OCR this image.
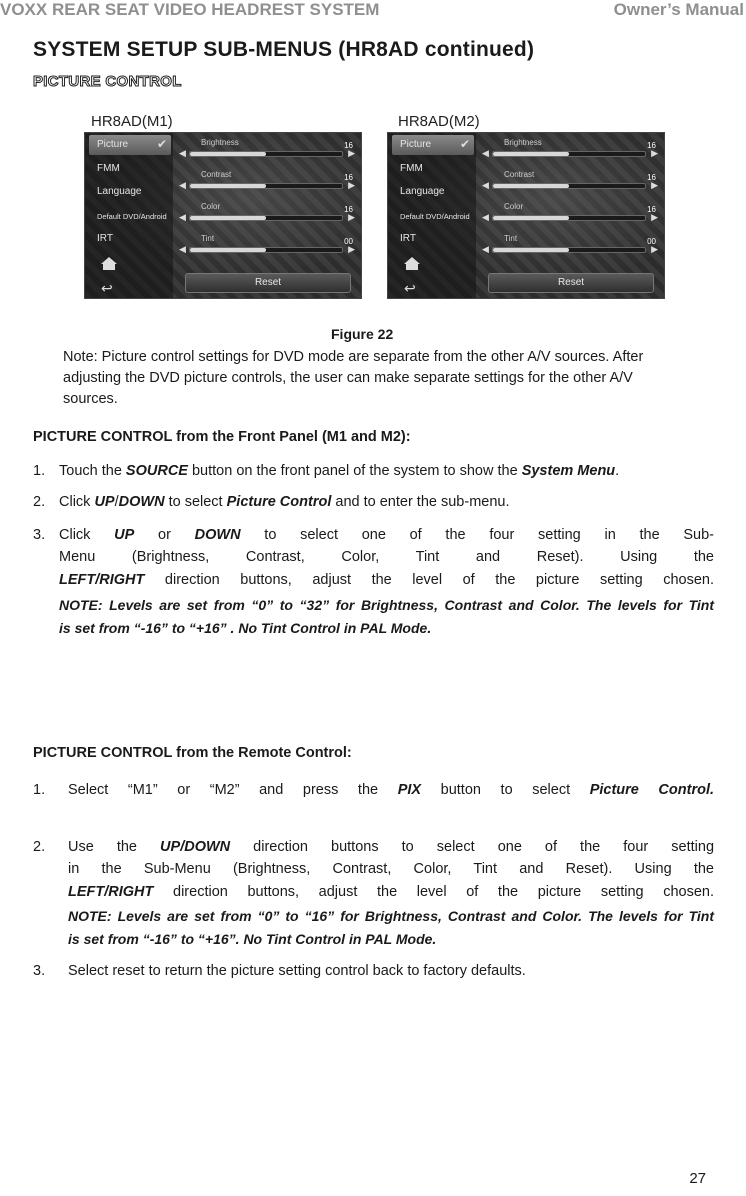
VOXX REAR SEAT VIDEO HEADREST SYSTEM	Owner’s Manual
SYSTEM SETUP SUB-MENUS (HR8AD continued)
PICTURE CONTROL
HR8AD(M1)	HR8AD(M2)
✔
Picture
FMM
Language
Default DVD/Android
IRT
↩
Brightness	16
◀	▶
Contrast	16
◀	▶
Color	16
◀	▶
Tint	00
◀	▶
Reset
✔
Picture
FMM
Language
Default DVD/Android
IRT
↩
Brightness	16
◀	▶
Contrast	16
◀	▶
Color	16
◀	▶
Tint	00
◀	▶
Reset
Figure 22
Note: Picture control settings for DVD mode are separate from the other A/V sources. After adjusting the DVD picture controls, the user can make separate settings for the other A/V sources.
PICTURE CONTROL from the Front Panel (M1 and M2):
1. Touch the SOURCE button on the front panel of the system to show the System Menu.
2. Click UP/DOWN to select Picture Control and to enter the sub-menu.
3. Click UP or DOWN to select one of the four setting in the Sub-
Menu (Brightness, Contrast, Color, Tint and Reset). Using the
LEFT/RIGHT direction buttons, adjust the level of the picture setting chosen.
NOTE: Levels are set from “0” to “32” for Brightness, Contrast and Color. The levels for Tint
is set from “-16” to “+16” . No Tint Control in PAL Mode.
PICTURE CONTROL from the Remote Control:
1. Select “M1” or “M2” and press the PIX button to select Picture Control.
2. Use the UP/DOWN direction buttons to select one of the four setting
in the Sub-Menu (Brightness, Contrast, Color, Tint and Reset). Using the
LEFT/RIGHT direction buttons, adjust the level of the picture setting chosen.
NOTE: Levels are set from “0” to “16” for Brightness, Contrast and Color. The levels for Tint
is set from “-16” to “+16”. No Tint Control in PAL Mode.
3. Select reset to return the picture setting control back to factory defaults.
27
